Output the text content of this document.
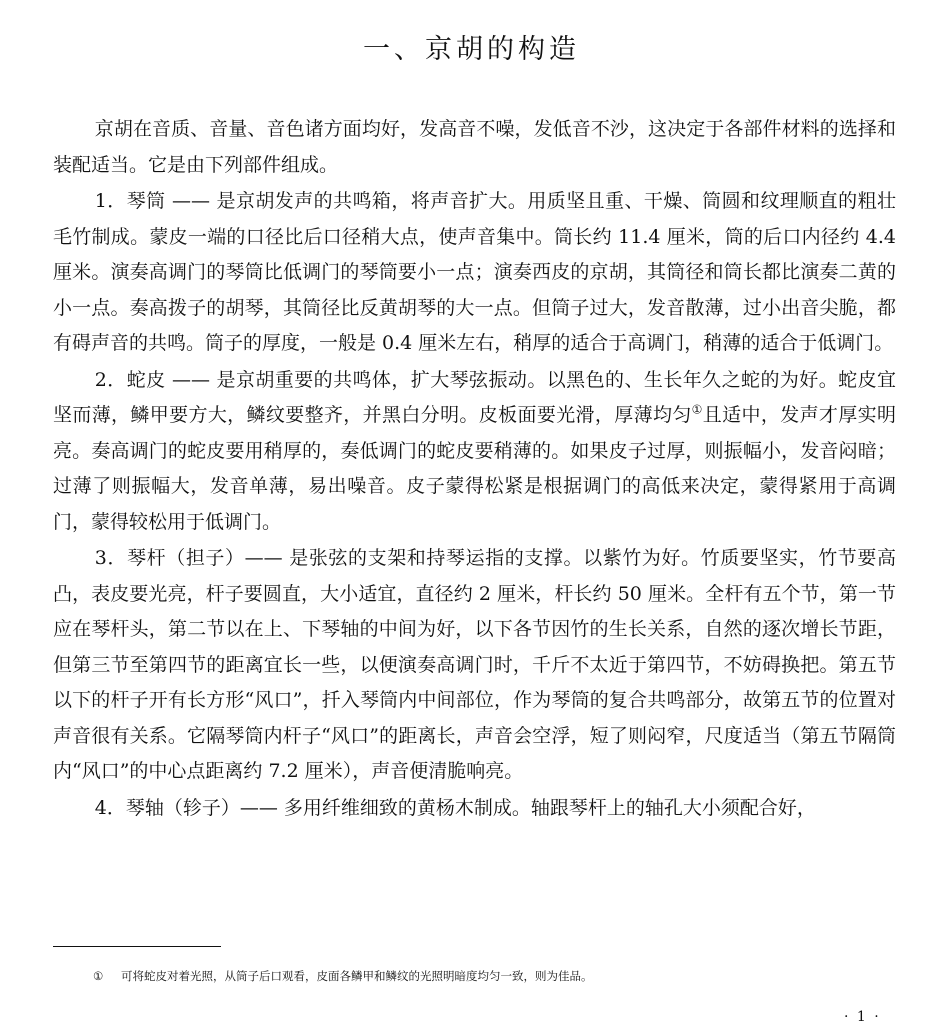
一、京胡的构造

京胡在音质、音量、音色诸方面均好，发高音不噪，发低音不沙，这决定于各部件材料的选择和装配适当。它是由下列部件组成。

1．琴筒 —— 是京胡发声的共鸣箱，将声音扩大。用质坚且重、干燥、筒圆和纹理顺直的粗壮毛竹制成。蒙皮一端的口径比后口径稍大点，使声音集中。筒长约 11.4 厘米，筒的后口内径约 4.4 厘米。演奏高调门的琴筒比低调门的琴筒要小一点；演奏西皮的京胡，其筒径和筒长都比演奏二黄的小一点。奏高拨子的胡琴，其筒径比反黄胡琴的大一点。但筒子过大，发音散薄，过小出音尖脆，都有碍声音的共鸣。筒子的厚度，一般是 0.4 厘米左右，稍厚的适合于高调门，稍薄的适合于低调门。

2．蛇皮 —— 是京胡重要的共鸣体，扩大琴弦振动。以黑色的、生长年久之蛇的为好。蛇皮宜坚而薄，鳞甲要方大，鳞纹要整齐，并黑白分明。皮板面要光滑，厚薄均匀①且适中，发声才厚实明亮。奏高调门的蛇皮要用稍厚的，奏低调门的蛇皮要稍薄的。如果皮子过厚，则振幅小，发音闷暗；过薄了则振幅大，发音单薄，易出噪音。皮子蒙得松紧是根据调门的高低来决定，蒙得紧用于高调门，蒙得较松用于低调门。

3．琴杆（担子）—— 是张弦的支架和持琴运指的支撑。以紫竹为好。竹质要坚实，竹节要高凸，表皮要光亮，杆子要圆直，大小适宜，直径约 2 厘米，杆长约 50 厘米。全杆有五个节，第一节应在琴杆头，第二节以在上、下琴轴的中间为好，以下各节因竹的生长关系，自然的逐次增长节距，但第三节至第四节的距离宜长一些，以便演奏高调门时，千斤不太近于第四节，不妨碍换把。第五节以下的杆子开有长方形“风口”，扦入琴筒内中间部位，作为琴筒的复合共鸣部分，故第五节的位置对声音很有关系。它隔琴筒内杆子“风口”的距离长，声音会空浮，短了则闷窄，尺度适当（第五节隔筒内“风口”的中心点距离约 7.2 厘米），声音便清脆响亮。

4．琴轴（轸子）—— 多用纤维细致的黄杨木制成。轴跟琴杆上的轴孔大小须配合好，

① 可将蛇皮对着光照，从筒子后口观看，皮面各鳞甲和鳞纹的光照明暗度均匀一致，则为佳品。
· 1 ·
